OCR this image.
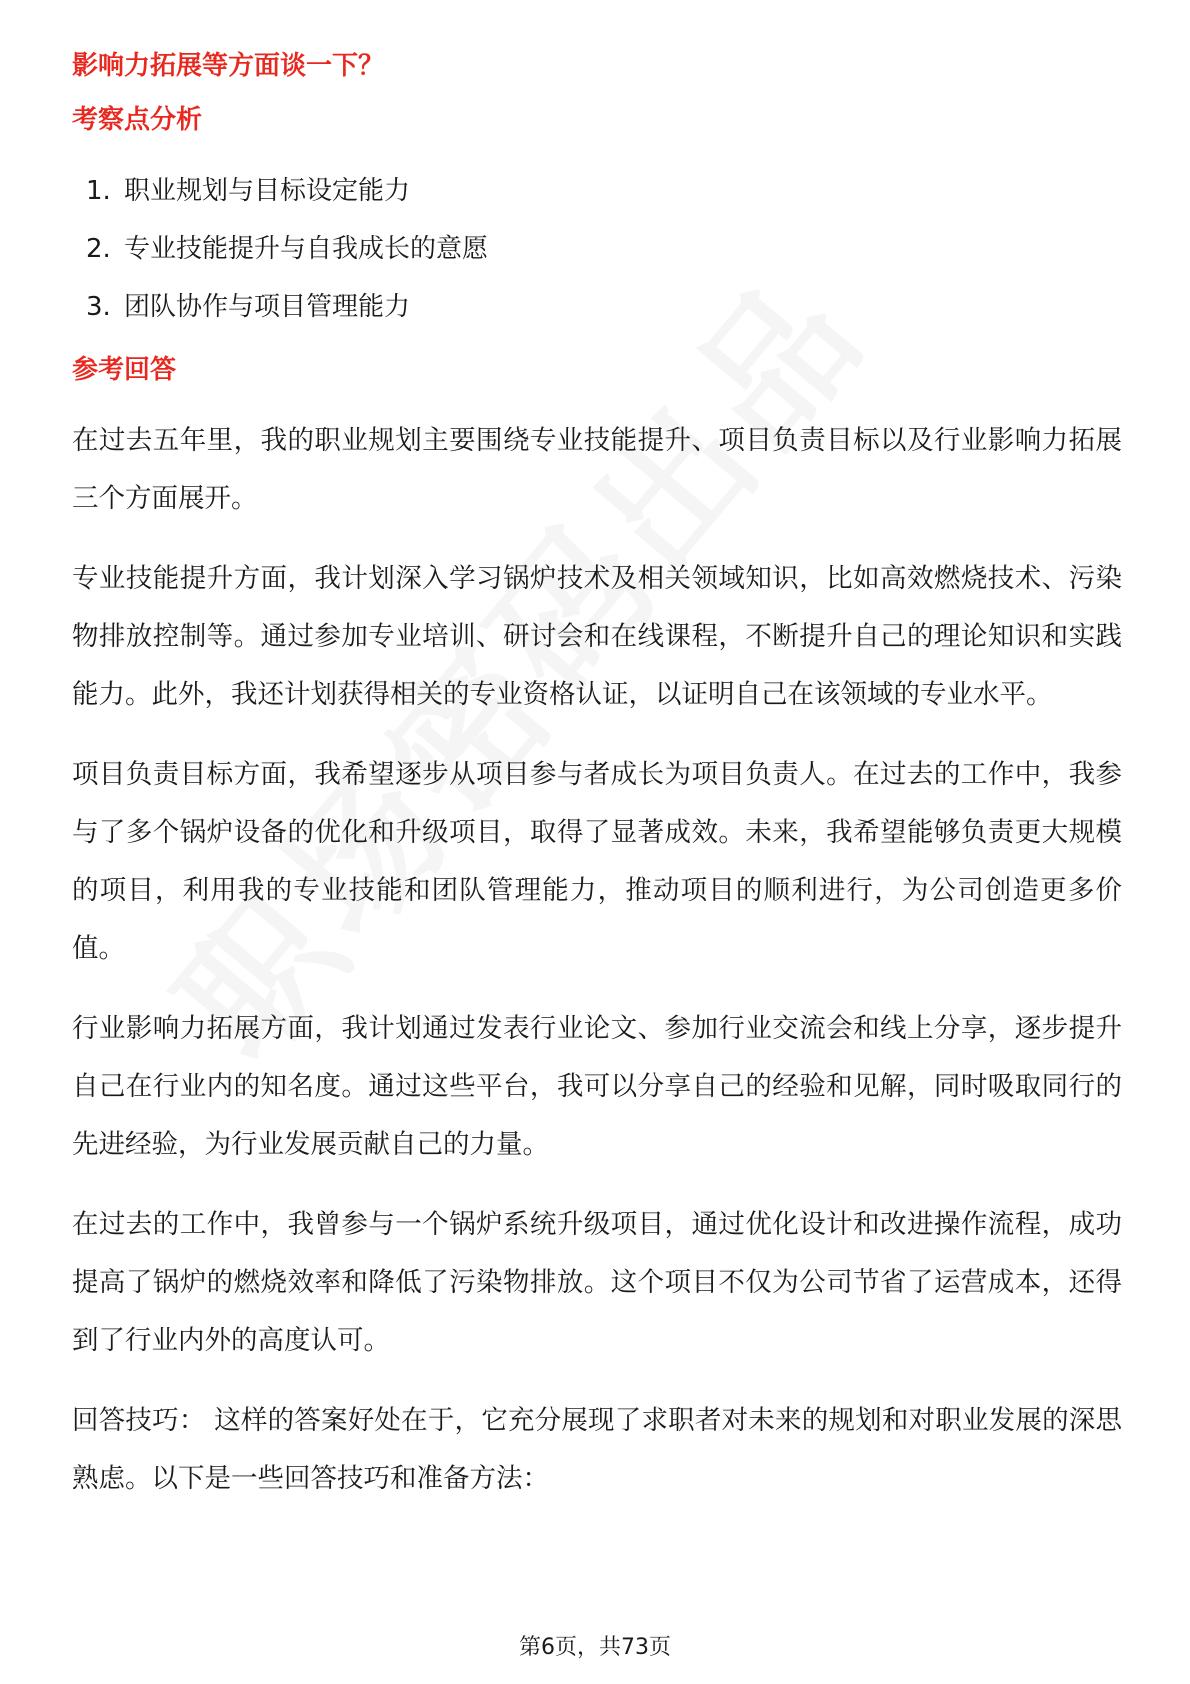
影响力拓展等方面谈一下？

考察点分析

1. 职业规划与目标设定能力
2. 专业技能提升与自我成长的意愿
3. 团队协作与项目管理能力

参考回答

在过去五年里，我的职业规划主要围绕专业技能提升、项目负责目标以及行业影响力拓展三个方面展开。

专业技能提升方面，我计划深入学习锅炉技术及相关领域知识，比如高效燃烧技术、污染物排放控制等。通过参加专业培训、研讨会和在线课程，不断提升自己的理论知识和实践能力。此外，我还计划获得相关的专业资格认证，以证明自己在该领域的专业水平。

项目负责目标方面，我希望逐步从项目参与者成长为项目负责人。在过去的工作中，我参与了多个锅炉设备的优化和升级项目，取得了显著成效。未来，我希望能够负责更大规模的项目，利用我的专业技能和团队管理能力，推动项目的顺利进行，为公司创造更多价值。

行业影响力拓展方面，我计划通过发表行业论文、参加行业交流会和线上分享，逐步提升自己在行业内的知名度。通过这些平台，我可以分享自己的经验和见解，同时吸取同行的先进经验，为行业发展贡献自己的力量。

在过去的工作中，我曾参与一个锅炉系统升级项目，通过优化设计和改进操作流程，成功提高了锅炉的燃烧效率和降低了污染物排放。这个项目不仅为公司节省了运营成本，还得到了行业内外的高度认可。

回答技巧： 这样的答案好处在于，它充分展现了求职者对未来的规划和对职业发展的深思熟虑。以下是一些回答技巧和准备方法：

第6页，共73页
